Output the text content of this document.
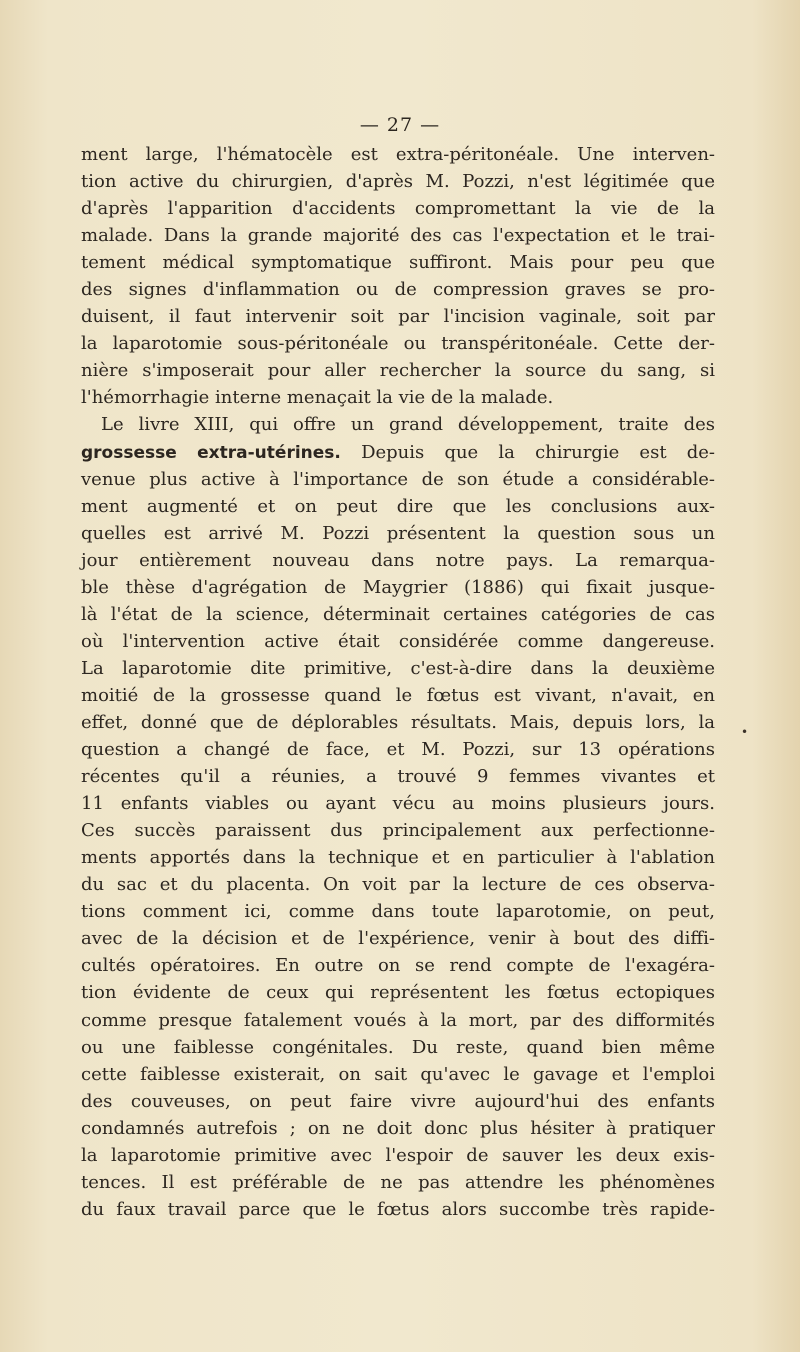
— 27 —
ment large, l'hématocèle est extra-péritonéale. Une interven-
tion active du chirurgien, d'après M. Pozzi, n'est légitimée que
d'après l'apparition d'accidents compromettant la vie de la
malade. Dans la grande majorité des cas l'expectation et le trai-
tement médical symptomatique suffiront. Mais pour peu que
des signes d'inflammation ou de compression graves se pro-
duisent, il faut intervenir soit par l'incision vaginale, soit par
la laparotomie sous-péritonéale ou transpéritonéale. Cette der-
nière s'imposerait pour aller rechercher la source du sang, si
l'hémorrhagie interne menaçait la vie de la malade.
Le livre XIII, qui offre un grand développement, traite des
grossesse extra-utérines. Depuis que la chirurgie est de-
venue plus active à l'importance de son étude a considérable-
ment augmenté et on peut dire que les conclusions aux-
quelles est arrivé M. Pozzi présentent la question sous un
jour entièrement nouveau dans notre pays. La remarqua-
ble thèse d'agrégation de Maygrier (1886) qui fixait jusque-
là l'état de la science, déterminait certaines catégories de cas
où l'intervention active était considérée comme dangereuse.
La laparotomie dite primitive, c'est-à-dire dans la deuxième
moitié de la grossesse quand le fœtus est vivant, n'avait, en
effet, donné que de déplorables résultats. Mais, depuis lors, la
question a changé de face, et M. Pozzi, sur 13 opérations
récentes qu'il a réunies, a trouvé 9 femmes vivantes et
11 enfants viables ou ayant vécu au moins plusieurs jours.
Ces succès paraissent dus principalement aux perfectionne-
ments apportés dans la technique et en particulier à l'ablation
du sac et du placenta. On voit par la lecture de ces observa-
tions comment ici, comme dans toute laparotomie, on peut,
avec de la décision et de l'expérience, venir à bout des diffi-
cultés opératoires. En outre on se rend compte de l'exagéra-
tion évidente de ceux qui représentent les fœtus ectopiques
comme presque fatalement voués à la mort, par des difformités
ou une faiblesse congénitales. Du reste, quand bien même
cette faiblesse existerait, on sait qu'avec le gavage et l'emploi
des couveuses, on peut faire vivre aujourd'hui des enfants
condamnés autrefois ; on ne doit donc plus hésiter à pratiquer
la laparotomie primitive avec l'espoir de sauver les deux exis-
tences. Il est préférable de ne pas attendre les phénomènes
du faux travail parce que le fœtus alors succombe très rapide-
•
